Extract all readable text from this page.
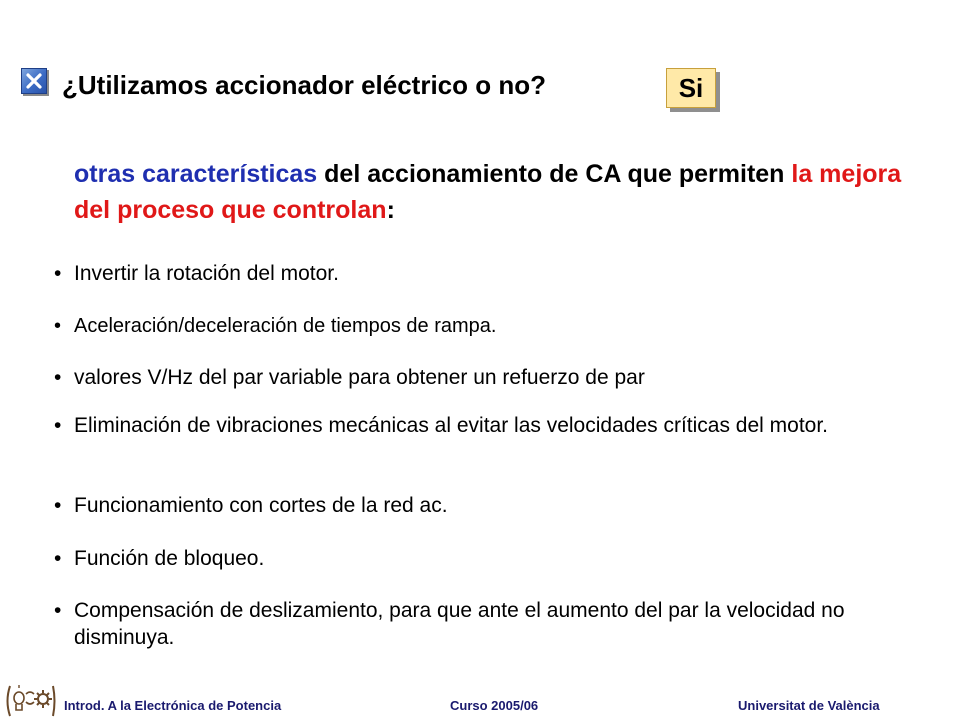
¿Utilizamos accionador eléctrico o no?	Si
otras características del accionamiento de CA que permiten la mejora del proceso que controlan:
• Invertir la rotación del motor.
• Aceleración/deceleración de tiempos de rampa.
• valores V/Hz del par variable para obtener un refuerzo de par
• Eliminación de vibraciones mecánicas al evitar las velocidades críticas del motor.
• Funcionamiento con cortes de la red ac.
• Función de bloqueo.
• Compensación de deslizamiento, para que ante el aumento del par la velocidad no disminuya.
Introd. A la Electrónica de Potencia	Curso 2005/06	Universitat de València
